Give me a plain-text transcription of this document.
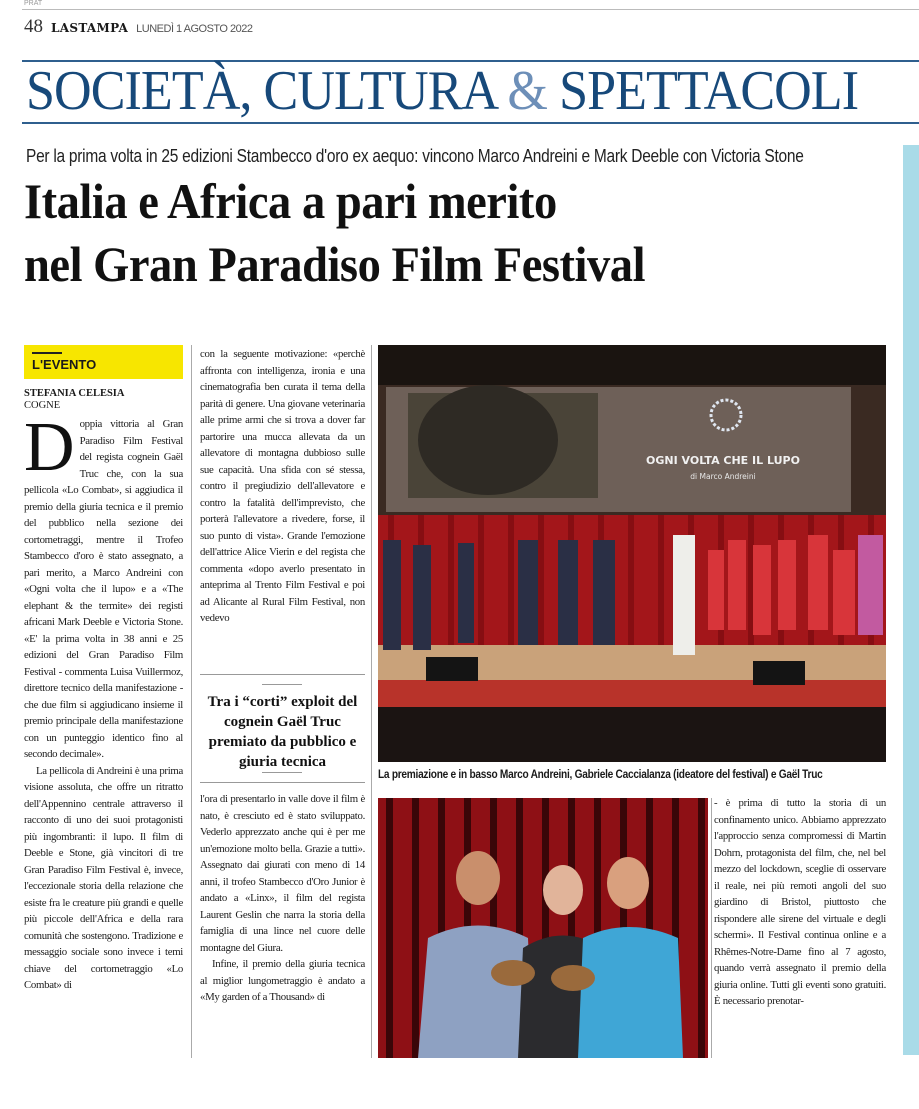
PRAT
48 LASTAMPA LUNEDÌ 1 AGOSTO 2022
SOCIETÀ, CULTURA & SPETTACOLI
Per la prima volta in 25 edizioni Stambecco d'oro ex aequo: vincono Marco Andreini e Mark Deeble con Victoria Stone
Italia e Africa a pari merito
nel Gran Paradiso Film Festival
L'EVENTO
STEFANIA CELESIA
COGNE

Doppia vittoria al Gran Paradiso Film Festival del regista cognein Gaël Truc che, con la sua pellicola «Lo Combat», si aggiudica il premio della giuria tecnica e il premio del pubblico nella sezione dei cortometraggi, mentre il Trofeo Stambecco d'oro è stato assegnato, a pari merito, a Marco Andreini con «Ogni volta che il lupo» e a «The elephant & the termite» dei registi africani Mark Deeble e Victoria Stone. «E' la prima volta in 38 anni e 25 edizioni del Gran Paradiso Film Festival - commenta Luisa Vuillermoz, direttore tecnico della manifestazione - che due film si aggiudicano insieme il premio principale della manifestazione con un punteggio identico fino al secondo decimale».

La pellicola di Andreini è una prima visione assoluta, che offre un ritratto dell'Appennino centrale attraverso il racconto di uno dei suoi protagonisti più ingombranti: il lupo. Il film di Deeble e Stone, già vincitori di tre Gran Paradiso Film Festival è, invece, l'eccezionale storia della relazione che esiste fra le creature più grandi e quelle più piccole dell'Africa e della rara comunità che sostengono. Tradizione e messaggio sociale sono invece i temi chiave del cortometraggio «Lo Combat» di

con la seguente motivazione: «perchè affronta con intelligenza, ironia e una cinematografia ben curata il tema della parità di genere. Una giovane veterinaria alle prime armi che si trova a dover far partorire una mucca allevata da un allevatore di montagna dubbioso sulle sue capacità. Una sfida con sé stessa, contro il pregiudizio dell'allevatore e contro la fatalità dell'imprevisto, che porterà l'allevatore a rivedere, forse, il suo punto di vista». Grande l'emozione dell'attrice Alice Vierin e del regista che commenta «dopo averlo presentato in anteprima al Trento Film Festival e poi ad Alicante al Rural Film Festival, non vedevo

Tra i “corti” exploit del cognein Gaël Truc premiato da pubblico e giuria tecnica

l'ora di presentarlo in valle dove il film è nato, è cresciuto ed è stato sviluppato. Vederlo apprezzato anche qui è per me un'emozione molto bella. Grazie a tutti». Assegnato dai giurati con meno di 14 anni, il trofeo Stambecco d'Oro Junior è andato a «Linx», il film del regista Laurent Geslin che narra la storia della famiglia di una lince nel cuore delle montagne del Giura.

Infine, il premio della giuria tecnica al miglior lungometraggio è andato a «My garden of a Thousand» di

OGNI VOLTA CHE IL LUPO
di Marco Andreini
La premiazione e in basso Marco Andreini, Gabriele Caccialanza (ideatore del festival) e Gaël Truc

- è prima di tutto la storia di un confinamento unico. Abbiamo apprezzato l'approccio senza compromessi di Martin Dohrn, protagonista del film, che, nel bel mezzo del lockdown, sceglie di osservare il reale, nei più remoti angoli del suo giardino di Bristol, piuttosto che rispondere alle sirene del virtuale e degli schermi». Il Festival continua online e a Rhêmes-Notre-Dame fino al 7 agosto, quando verrà assegnato il premio della giuria online. Tutti gli eventi sono gratuiti. È necessario prenotar-
